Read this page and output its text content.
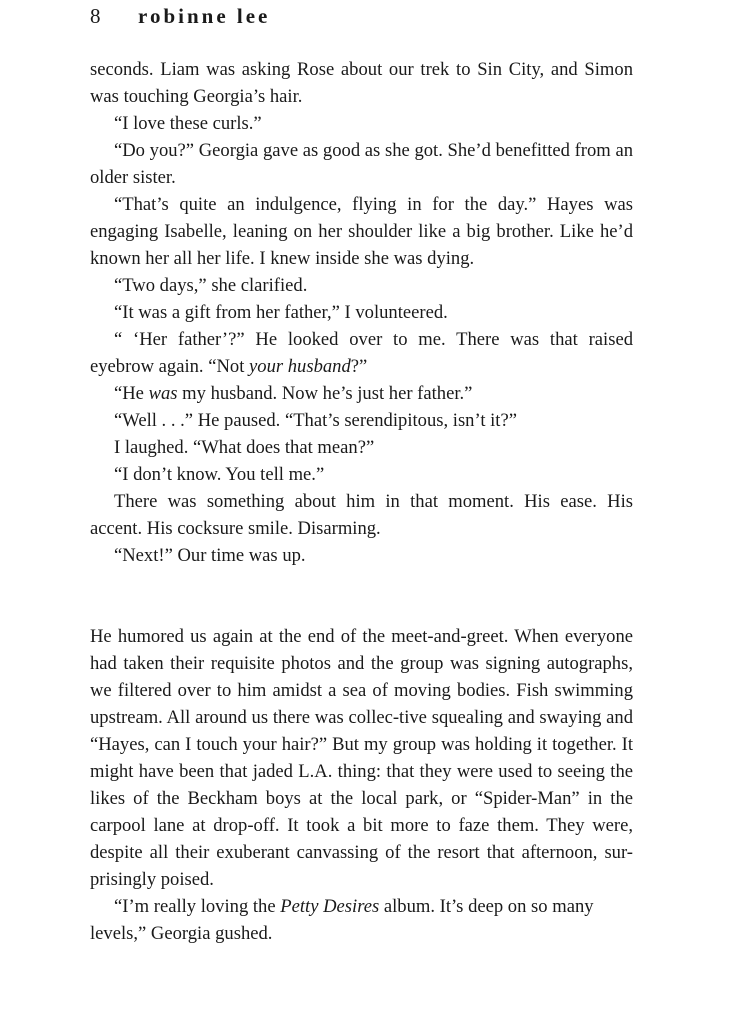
8 robinne lee

seconds. Liam was asking Rose about our trek to Sin City, and Simon was touching Georgia’s hair.

“I love these curls.”

“Do you?” Georgia gave as good as she got. She’d benefitted from an older sister.

“That’s quite an indulgence, flying in for the day.” Hayes was engaging Isabelle, leaning on her shoulder like a big brother. Like he’d known her all her life. I knew inside she was dying.

“Two days,” she clarified.

“It was a gift from her father,” I volunteered.

“ ‘Her father’?” He looked over to me. There was that raised eyebrow again. “Not your husband?”

“He was my husband. Now he’s just her father.”

“Well . . .” He paused. “That’s serendipitous, isn’t it?”

I laughed. “What does that mean?”

“I don’t know. You tell me.”

There was something about him in that moment. His ease. His accent. His cocksure smile. Disarming.

“Next!” Our time was up.

He humored us again at the end of the meet-and-greet. When everyone had taken their requisite photos and the group was signing autographs, we filtered over to him amidst a sea of moving bodies. Fish swimming upstream. All around us there was collec-tive squealing and swaying and “Hayes, can I touch your hair?” But my group was holding it together. It might have been that jaded L.A. thing: that they were used to seeing the likes of the Beckham boys at the local park, or “Spider-Man” in the carpool lane at drop-off. It took a bit more to faze them. They were, despite all their exuberant canvassing of the resort that afternoon, sur-prisingly poised.

“I’m really loving the Petty Desires album. It’s deep on so many levels,” Georgia gushed.
